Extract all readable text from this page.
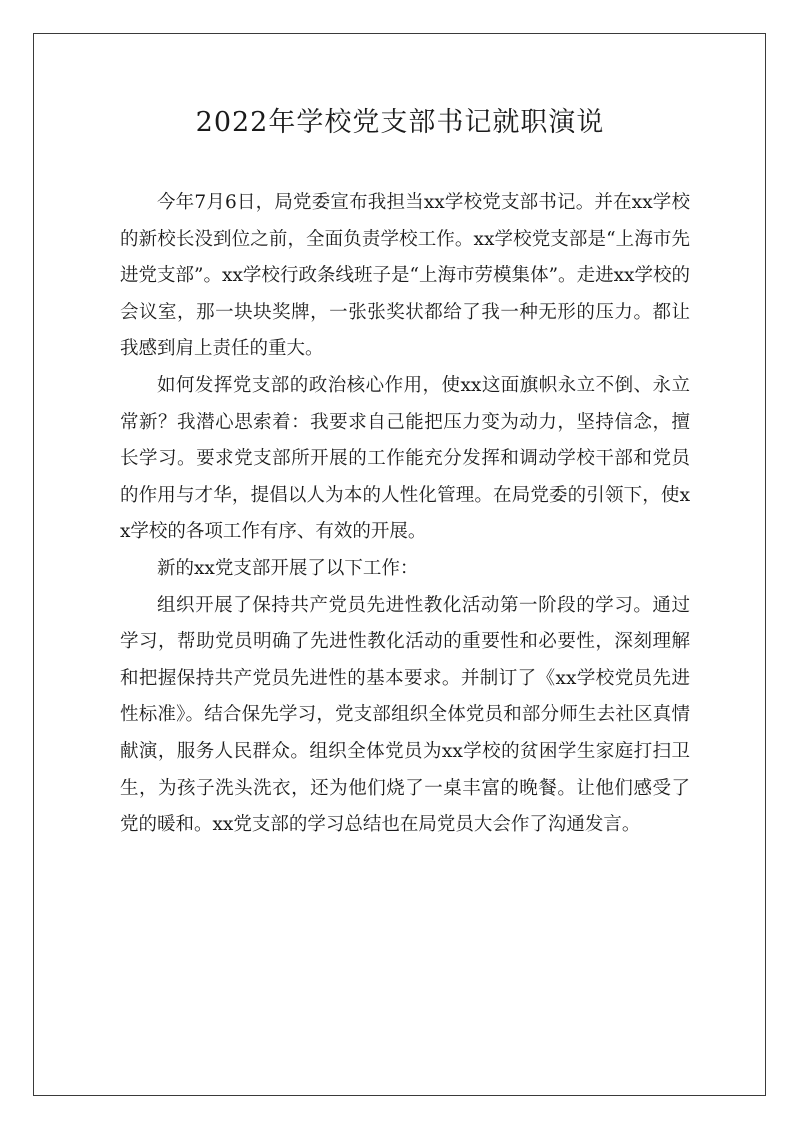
2022年学校党支部书记就职演说

今年7月6日，局党委宣布我担当xx学校党支部书记。并在xx学校的新校长没到位之前，全面负责学校工作。xx学校党支部是“上海市先进党支部”。xx学校行政条线班子是“上海市劳模集体”。走进xx学校的会议室，那一块块奖牌，一张张奖状都给了我一种无形的压力。都让我感到肩上责任的重大。

如何发挥党支部的政治核心作用，使xx这面旗帜永立不倒、永立常新？我潜心思索着：我要求自己能把压力变为动力，坚持信念，擅长学习。要求党支部所开展的工作能充分发挥和调动学校干部和党员的作用与才华，提倡以人为本的人性化管理。在局党委的引领下，使xx学校的各项工作有序、有效的开展。

新的xx党支部开展了以下工作：

组织开展了保持共产党员先进性教化活动第一阶段的学习。通过学习，帮助党员明确了先进性教化活动的重要性和必要性，深刻理解和把握保持共产党员先进性的基本要求。并制订了《xx学校党员先进性标准》。结合保先学习，党支部组织全体党员和部分师生去社区真情献演，服务人民群众。组织全体党员为xx学校的贫困学生家庭打扫卫生，为孩子洗头洗衣，还为他们烧了一桌丰富的晚餐。让他们感受了党的暖和。xx党支部的学习总结也在局党员大会作了沟通发言。
